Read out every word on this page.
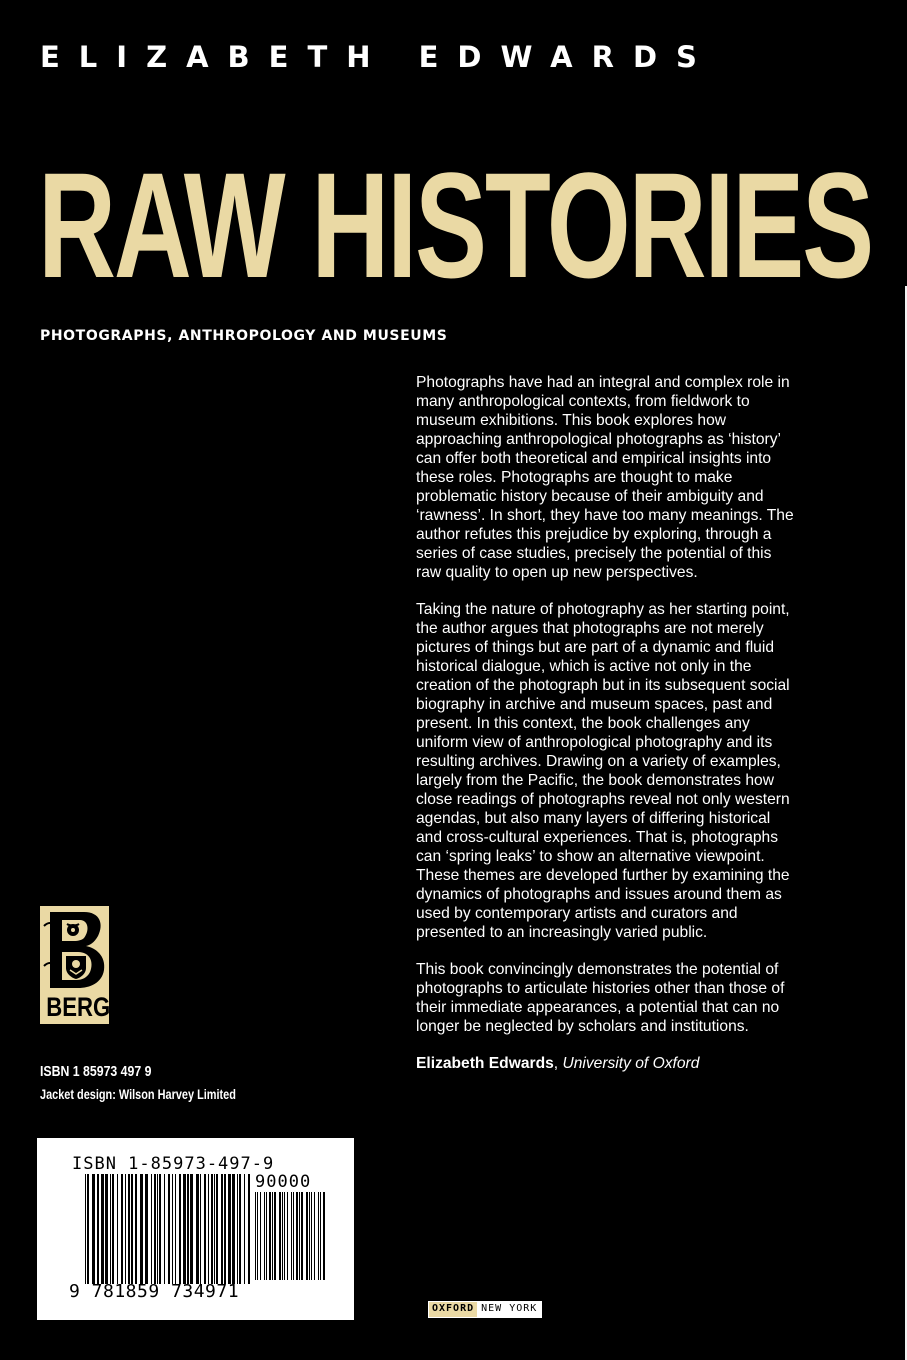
ELIZABETH EDWARDS
RAW HISTORIES
PHOTOGRAPHS, ANTHROPOLOGY AND MUSEUMS

Photographs have had an integral and complex role in many anthropological contexts, from fieldwork to museum exhibitions. This book explores how approaching anthropological photographs as ‘history’ can offer both theoretical and empirical insights into these roles. Photographs are thought to make problematic history because of their ambiguity and ‘rawness’. In short, they have too many meanings. The author refutes this prejudice by exploring, through a series of case studies, precisely the potential of this raw quality to open up new perspectives.

Taking the nature of photography as her starting point, the author argues that photographs are not merely pictures of things but are part of a dynamic and fluid historical dialogue, which is active not only in the creation of the photograph but in its subsequent social biography in archive and museum spaces, past and present. In this context, the book challenges any uniform view of anthropological photography and its resulting archives. Drawing on a variety of examples, largely from the Pacific, the book demonstrates how close readings of photographs reveal not only western agendas, but also many layers of differing historical and cross-cultural experiences. That is, photographs can ‘spring leaks’ to show an alternative viewpoint. These themes are developed further by examining the dynamics of photographs and issues around them as used by contemporary artists and curators and presented to an increasingly varied public.

This book convincingly demonstrates the potential of photographs to articulate histories other than those of their immediate appearances, a potential that can no longer be neglected by scholars and institutions.

Elizabeth Edwards, University of Oxford
BERG
ISBN 1 85973 497 9
Jacket design: Wilson Harvey Limited
ISBN 1-85973-497-9
90000
9 781859 734971
OXFORD NEW YORK
